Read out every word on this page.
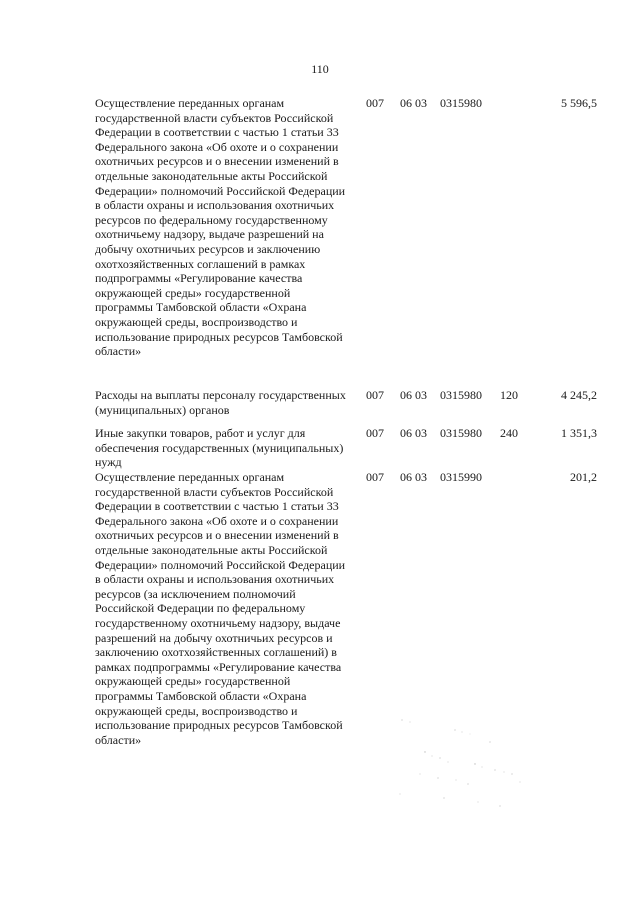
110
Осуществление переданных органам государственной власти субъектов Российской Федерации в соответствии с частью 1 статьи 33 Федерального закона «Об охоте и о сохранении охотничьих ресурсов и о внесении изменений в отдельные законодательные акты Российской Федерации» полномочий Российской Федерации в области охраны и использования охотничьих ресурсов по федеральному государственному охотничьему надзору, выдаче разрешений на добычу охотничьих ресурсов и заключению охотхозяйственных соглашений в рамках подпрограммы «Регулирование качества окружающей среды» государственной программы Тамбовской области «Охрана окружающей среды, воспроизводство и использование природных ресурсов Тамбовской области»
007 06 03 0315980	5 596,5
Расходы на выплаты персоналу государственных (муниципальных) органов
007 06 03 0315980 120	4 245,2
Иные закупки товаров, работ и услуг для обеспечения государственных (муниципальных) нужд
007 06 03 0315980 240	1 351,3
Осуществление переданных органам государственной власти субъектов Российской Федерации в соответствии с частью 1 статьи 33 Федерального закона «Об охоте и о сохранении охотничьих ресурсов и о внесении изменений в отдельные законодательные акты Российской Федерации» полномочий Российской Федерации в области охраны и использования охотничьих ресурсов (за исключением полномочий Российской Федерации по федеральному государственному охотничьему надзору, выдаче разрешений на добычу охотничьих ресурсов и заключению охотхозяйственных соглашений) в рамках подпрограммы «Регулирование качества окружающей среды» государственной программы Тамбовской области «Охрана окружающей среды, воспроизводство и использование природных ресурсов Тамбовской области»
007 06 03 0315990	201,2
